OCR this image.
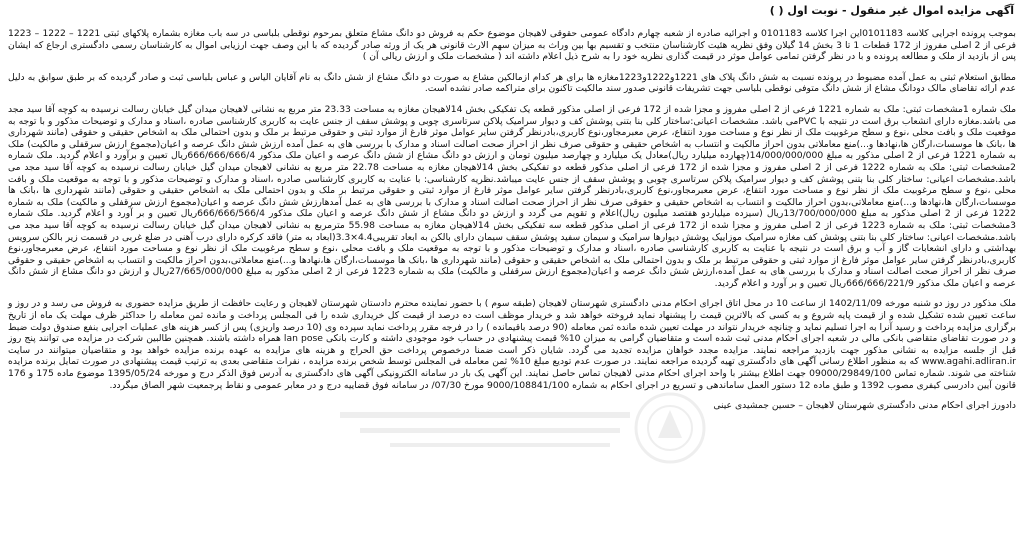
آگهی مزایده اموال غیر منقول - نوبت اول ( )

بموجب پرونده اجرایی کلاسه 0101183این اجرا کلاسه 0101183 و اجرائیه صادره از شعبه چهارم دادگاه عمومی حقوقی لاهیجان موضوع حکم به فروش دو دانگ مشاع متعلق بمرحوم نوقطی بلباسی در سه باب مغازه بشماره پلاکهای ثبتی 1221 – 1222 – 1223 فرعی از 2 اصلی مفروز از 172 قطعات 1 تا 3 بخش 14 گیلان وفق نظریه هئیت کارشناسان منتخب و تقسیم بها بین وراث به میزان سهم الارث قانونی هر یک از ورثه صادر گردیده که با این وصف جهت ارزیابی اموال به کارشناسان رسمی دادگستری ارجاع که ایشان پس از بازدید از ملک و مطالعه پرونده و با در نظر گرفتن تمامی عوامل موثر در قیمت گذاری نظریه خود را به شرح ذیل اعلام داشته اند ( مشخصات ملک و ارزش ریالی آن )

مطابق استعلام ثبتی به عمل آمده مضبوط در پرونده نسبت به شش دانگ پلاک های 1221و1222و1223مغازه ها برای هر کدام ازمالکین مشاع به صورت دو دانگ مشاع از شش دانگ به نام آقایان الیاس و عباس بلباسی ثبت و صادر گردیده که بر طبق سوابق به دلیل عدم ارائه تقاضای مالک دودانگ مشاع از شش دانگ متوفی نوقطی بلباسی جهت تشریفات قانونی صدور سند مالکیت تاکنون برای متراکمه صادر نشده است.

ملک شماره 1مشخصات ثبتی: ملک به شماره 1221 فرعی از 2 اصلی مفروز و مجزا شده از 172 فرعی از اصلی مذکور قطعه یک تفکیکی بخش 14لاهیجان مغازه به مساحت 23.33 متر مربع به نشانی لاهیجان میدان گیل خیابان رسالت نرسیده به کوچه آقا سید مجد می باشد.مغازه دارای انشعاب برق است در نتیجه با PVCمی باشد. مشخصات اعیانی:ساختار کلی بنا بتنی پوشش کف و دیوار سرامیک پلاکن سرتاسری چوبی و پوشش سقف از جنس عایت به کاربری کارشناسی صادره ،اسناد و مدارک و توضیحات مذکور و با توجه به موقعیت ملک و بافت محلی ،نوع و سطح مرغوبیت ملک از نظر نوع و مساحت مورد انتفاع، عرض معبرمجاور،نوع کاربری،بادرنظر گرفتن سایر عوامل موثر فارغ از موارد ثبتی و حقوقی مرتبط بر ملک و بدون احتمالی ملک به اشخاص حقیقی و حقوقی (مانند شهرداری ها ،بانک ها موسسات،ارگان ها،نهادها و...)منع معاملاتی بدون احراز مالکیت و انتساب به اشخاص حقیقی و حقوقی صرف نظر از احراز صحت اصالت اسناد و مدارک با بررسی های به عمل آمده ارزش شش دانگ عرصه و اعیان(مجموع ارزش سرقفلی و مالکیت) ملک به شماره 1221 فرعی از 2 اصلی مذکور به مبلغ 14/000/000/000(چهارده میلیارد ریال)معادل یک میلیارد و چهارصد میلیون تومان و ارزش دو دانگ مشاع از شش دانگ عرصه و اعیان ملک مذکور 666/666/666/4ریال تعیین و برآورد و اعلام گردید. ملک شماره 2مشخصات ثبتی: ملک به شماره 1222 فرعی از 2 اصلی مفروز و مجزا شده از 172 فرعی از اصلی مذکور قطعه دو تفکیکی بخش 14لاهیجان مغازه به مساحت 22.78 متر مربع به نشانی لاهیجان میدان گیل خیابان رسالت نرسیده به کوچه آقا سید مجد می باشد.مشخصات اعیانی: ساختار کلی بنا بتنی پوشش کف و دیوار سرامیک پلاکن سرتاسری چوبی و پوشش سقف از جنس عایت میباشد.نظریه کارشناسی: با عنایت به کاربری کارشناسی صادره ،اسناد و مدارک و توضیحات مذکور و با توجه به موقعیت ملک و بافت محلی ،نوع و سطح مرغوبیت ملک از نظر نوع و مساحت مورد انتفاع، عرض معبرمجاور،نوع کاربری،بادرنظر گرفتن سایر عوامل موثر فارغ از موارد ثبتی و حقوقی مرتبط بر ملک و بدون احتمالی ملک به اشخاص حقیقی و حقوقی (مانند شهرداری ها ،بانک ها موسسات،ارگان ها،نهادها و...)منع معاملاتی،بدون احراز مالکیت و انتساب به اشخاص حقیقی و حقوقی صرف نظر از احراز صحت اصالت اسناد و مدارک با بررسی های به عمل آمدهارزش شش دانگ عرصه و اعیان(مجموع ارزش سرقفلی و مالکیت) ملک به شماره 1222 فرعی از 2 اصلی مذکور به مبلغ 13/700/000/000ریال (سیزده میلیاردو هفتصد میلیون ریال)اعلام و تقویم می گردد و ارزش دو دانگ مشاع از شش دانگ عرصه و اعیان ملک مذکور 666/666/566/4ریال تعیین و بر آورد و اعلام گردید. ملک شماره 3مشخصات ثبتی: ملک به شماره 1223 فرعی از 2 اصلی مفروز و مجزا شده از 172 فرعی از اصلی مذکور قطعه سه تفکیکی بخش 14لاهیجان مغازه به مساحت 55.98 مترمربع به نشانی لاهیجان میدان گیل خیابان رسالت نرسیده به کوچه آقا سید مجد می باشد.مشخصات اعیانی: ساختار کلی بنا بتنی پوشش کف مغازه سرامیک موزاییک پوشش دیوارها سرامیک و سیمان سفید پوشش سقف سیمان دارای بالکن به ابعاد تقریبی4.4×3.3(ابعاد به متر) فاقد کرکره دارای درب آهنی در ضلع غربی در قسمت زیر بالکن سرویس بهداشتی و دارای انشعابات گاز و آب و برق است در نتیجه با عنایت به کاربری کارشناسی صادره ،اسناد و مدارک و توضیحات مذکور و با توجه به موقعیت ملک و بافت محلی ،نوع و سطح مرغوبیت ملک از نظر نوع و مساحت مورد انتفاع، عرض معبرمجاور،نوع کاربری،بادرنظر گرفتن سایر عوامل موثر فارغ از موارد ثبتی و حقوقی مرتبط بر ملک و بدون احتمالی ملک به اشخاص حقیقی و حقوقی (مانند شهرداری ها ،بانک ها موسسات،ارگان ها،نهادها و...)منع معاملاتی،بدون احراز مالکیت و انتساب به اشخاص حقیقی و حقوقی صرف نظر از احراز صحت اصالت اسناد و مدارک با بررسی های به عمل آمده،ارزش شش دانگ عرصه و اعیان(مجموع ارزش سرقفلی و مالکیت) ملک به شماره 1223 فرعی از 2 اصلی مذکور به مبلغ 27/665/000/000ریال و ارزش دو دانگ مشاع از شش دانگ عرصه و اعیان ملک مذکور 666/666/221/9ریال تعیین و بر آورد و اعلام گردید.

ملک مذکور در روز دو شنبه مورخه 1402/11/09 از ساعت 10 در محل اتاق اجرای احکام مدنی دادگستری شهرستان لاهیجان (طبقه سوم ) با حضور نماینده محترم دادستان شهرستان لاهیجان و رعایت حافظت از طریق مزایده حضوری به فروش می رسد و در روز و ساعت تعیین شده تشکیل شده و از قیمت پایه شروع و به کسی که بالاترین قیمت را پیشنهاد نماید فروخته خواهد شد و خریدار موظف است ده درصد از قیمت کل خریداری شده را فی المجلس پرداخت و مانده ثمن معامله را حداکثر ظرف مهلت یک ماه از تاریخ برگزاری مزایده پرداخت و رسید آنرا به اجرا تسلیم نماید و چنانچه خریدار نتواند در مهلت تعیین شده مانده ثمن معامله (90 درصد باقیمانده ) را در فرجه مقرر پرداخت نماید سپرده وی (10 درصد واریزی) پس از کسر هزینه های عملیات اجرایی بنفع صندوق دولت ضبط و در صورت تقاضای متقاضی بانکی مالی در شعبه اجرای احکام مدنی ثبت شده است و متقاضیان گرامی به میزان 10% قیمت پیشنهادی در حساب خود موجودی داشته و کارت بانکی lan pose همراه داشته باشند. همچنین طالبین شرکت در مزایده می توانند پنج روز قبل از جلسه مزایده به نشانی مذکور جهت بازدید مراجعه نمایند. مزایده مجدد خواهان مزایده تجدید می گردد. شایان ذکر است ضمنا درخصوص پرداخت حق الحراج و هزینه های مزایده به عهده برنده مزایده خواهد بود و متقاضیان میتوانند در سایت www.agahi.adliran.ir که به منظور اطلاع رسانی آگهی های دادگستری تهیه گردیده مراجعه نمایند. در صورت عدم تودیع مبلغ 10% ثمن معامله فی المجلس توسط شخص برنده مزایده ، نفرات متقاضی بعدی به ترتیب قیمت پیشنهادی در صورت تمایل برنده مزایده شناخته می شوند. شماره تماس 09000/29849/100 جهت اطلاع بیشتر با واحد اجرای احکام مدنی لاهیجان تماس حاصل نمایند. این آگهی یک بار در سامانه الکترونیکی آگهی های دادگستری به آدرس فوق الذکر درج و مورخه 1395/05/24 موضوع ماده 175 و 176 قانون آیین دادرسی کیفری مصوب 1392 و طبق ماده 12 دستور العمل ساماندهی و تسریع در اجرای احکام به شماره 9000/108841/100 مورخ 07/30/ در سامانه فوق قضاییه درج و در معابر عمومی و نقاط پرجمعیت شهر الصاق میگردد.

دادورز اجرای احکام مدنی دادگستری شهرستان لاهیجان – حسین جمشیدی عینی
